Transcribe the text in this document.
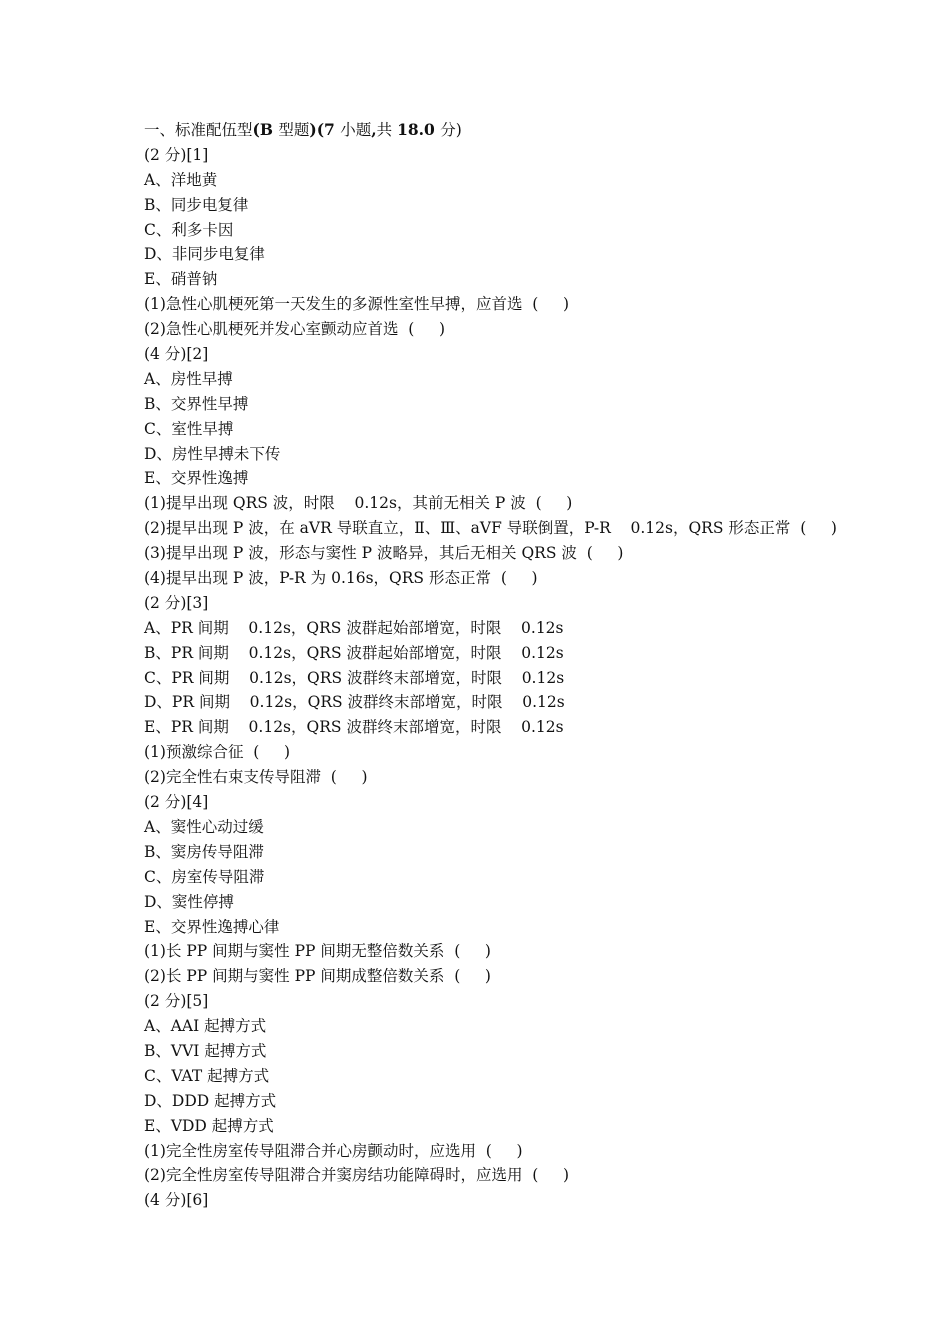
一、标准配伍型(B 型题)(7 小题,共 18.0 分)
(2 分)[1]
A、洋地黄
B、同步电复律
C、利多卡因
D、非同步电复律
E、硝普钠
(1)急性心肌梗死第一天发生的多源性室性早搏，应首选  (     )
(2)急性心肌梗死并发心室颤动应首选  (     )
(4 分)[2]
A、房性早搏
B、交界性早搏
C、室性早搏
D、房性早搏未下传
E、交界性逸搏
(1)提早出现 QRS 波，时限    0.12s，其前无相关 P 波  (     )
(2)提早出现 P 波，在 aVR 导联直立，Ⅱ、Ⅲ、aVF 导联倒置，P-R    0.12s，QRS 形态正常  (     )
(3)提早出现 P 波，形态与窦性 P 波略异，其后无相关 QRS 波  (     )
(4)提早出现 P 波，P-R 为 0.16s，QRS 形态正常  (     )
(2 分)[3]
A、PR 间期    0.12s，QRS 波群起始部增宽，时限    0.12s
B、PR 间期    0.12s，QRS 波群起始部增宽，时限    0.12s
C、PR 间期    0.12s，QRS 波群终末部增宽，时限    0.12s
D、PR 间期    0.12s，QRS 波群终末部增宽，时限    0.12s
E、PR 间期    0.12s，QRS 波群终末部增宽，时限    0.12s
(1)预激综合征  (     )
(2)完全性右束支传导阻滞  (     )
(2 分)[4]
A、窦性心动过缓
B、窦房传导阻滞
C、房室传导阻滞
D、窦性停搏
E、交界性逸搏心律
(1)长 PP 间期与窦性 PP 间期无整倍数关系  (     )
(2)长 PP 间期与窦性 PP 间期成整倍数关系  (     )
(2 分)[5]
A、AAI 起搏方式
B、VVI 起搏方式
C、VAT 起搏方式
D、DDD 起搏方式
E、VDD 起搏方式
(1)完全性房室传导阻滞合并心房颤动时，应选用  (     )
(2)完全性房室传导阻滞合并窦房结功能障碍时，应选用  (     )
(4 分)[6]
